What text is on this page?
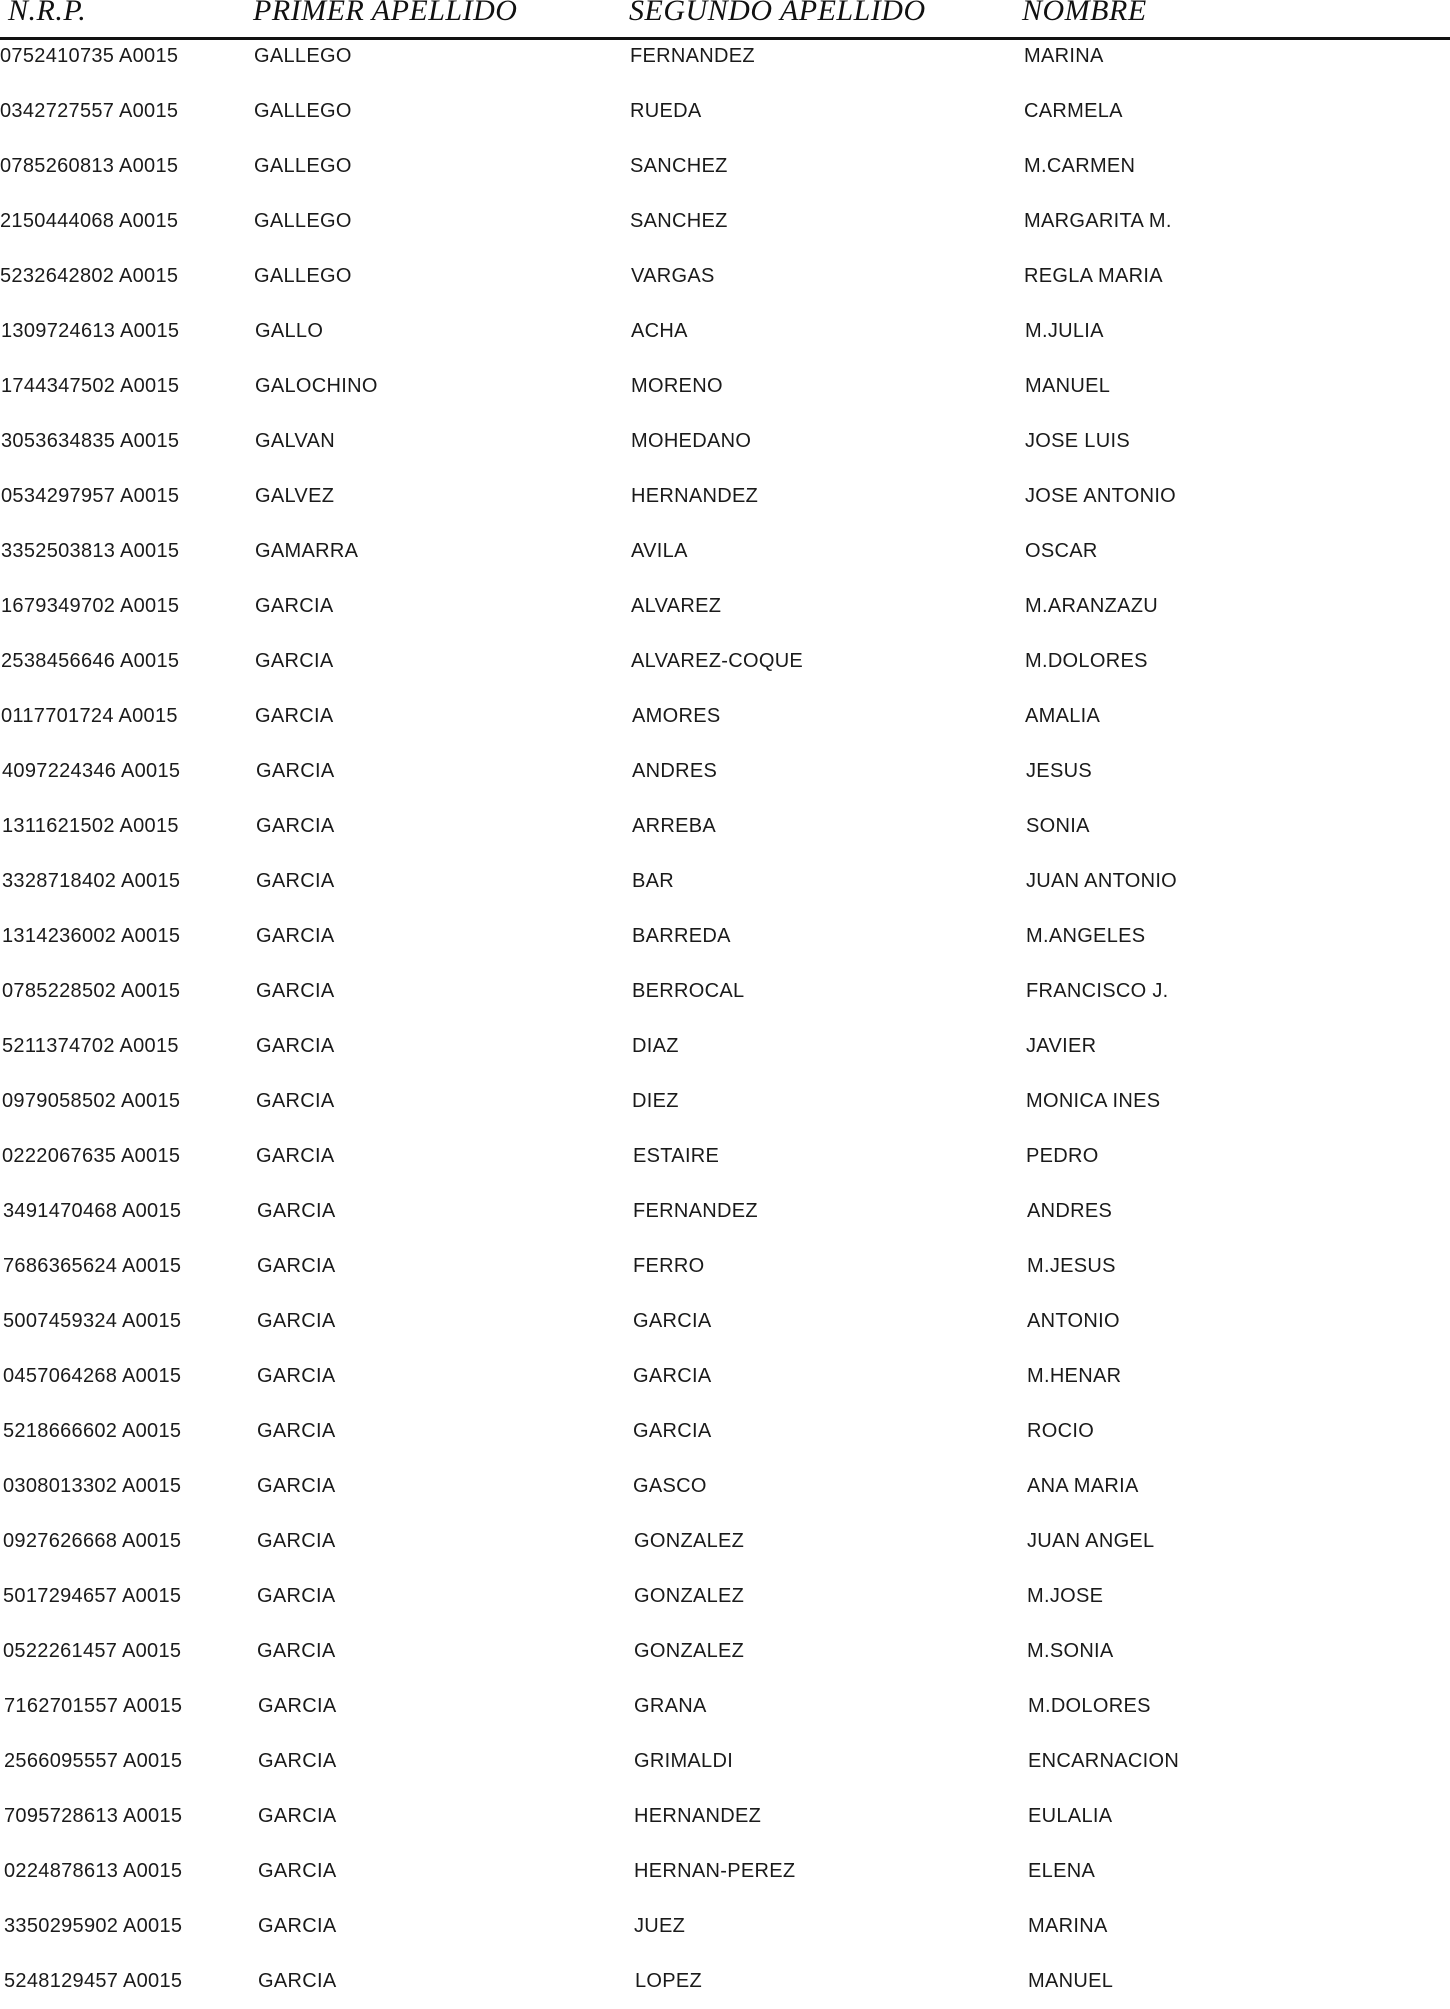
N.R.P.	PRIMER APELLIDO	SEGUNDO APELLIDO	NOMBRE
0752410735 A0015	GALLEGO	FERNANDEZ	MARINA
0342727557 A0015	GALLEGO	RUEDA	CARMELA
0785260813 A0015	GALLEGO	SANCHEZ	M.CARMEN
2150444068 A0015	GALLEGO	SANCHEZ	MARGARITA M.
5232642802 A0015	GALLEGO	VARGAS	REGLA MARIA
1309724613 A0015	GALLO	ACHA	M.JULIA
1744347502 A0015	GALOCHINO	MORENO	MANUEL
3053634835 A0015	GALVAN	MOHEDANO	JOSE LUIS
0534297957 A0015	GALVEZ	HERNANDEZ	JOSE ANTONIO
3352503813 A0015	GAMARRA	AVILA	OSCAR
1679349702 A0015	GARCIA	ALVAREZ	M.ARANZAZU
2538456646 A0015	GARCIA	ALVAREZ-COQUE	M.DOLORES
0117701724 A0015	GARCIA	AMORES	AMALIA
4097224346 A0015	GARCIA	ANDRES	JESUS
1311621502 A0015	GARCIA	ARREBA	SONIA
3328718402 A0015	GARCIA	BAR	JUAN ANTONIO
1314236002 A0015	GARCIA	BARREDA	M.ANGELES
0785228502 A0015	GARCIA	BERROCAL	FRANCISCO J.
5211374702 A0015	GARCIA	DIAZ	JAVIER
0979058502 A0015	GARCIA	DIEZ	MONICA INES
0222067635 A0015	GARCIA	ESTAIRE	PEDRO
3491470468 A0015	GARCIA	FERNANDEZ	ANDRES
7686365624 A0015	GARCIA	FERRO	M.JESUS
5007459324 A0015	GARCIA	GARCIA	ANTONIO
0457064268 A0015	GARCIA	GARCIA	M.HENAR
5218666602 A0015	GARCIA	GARCIA	ROCIO
0308013302 A0015	GARCIA	GASCO	ANA MARIA
0927626668 A0015	GARCIA	GONZALEZ	JUAN ANGEL
5017294657 A0015	GARCIA	GONZALEZ	M.JOSE
0522261457 A0015	GARCIA	GONZALEZ	M.SONIA
7162701557 A0015	GARCIA	GRANA	M.DOLORES
2566095557 A0015	GARCIA	GRIMALDI	ENCARNACION
7095728613 A0015	GARCIA	HERNANDEZ	EULALIA
0224878613 A0015	GARCIA	HERNAN-PEREZ	ELENA
3350295902 A0015	GARCIA	JUEZ	MARINA
5248129457 A0015	GARCIA	LOPEZ	MANUEL
